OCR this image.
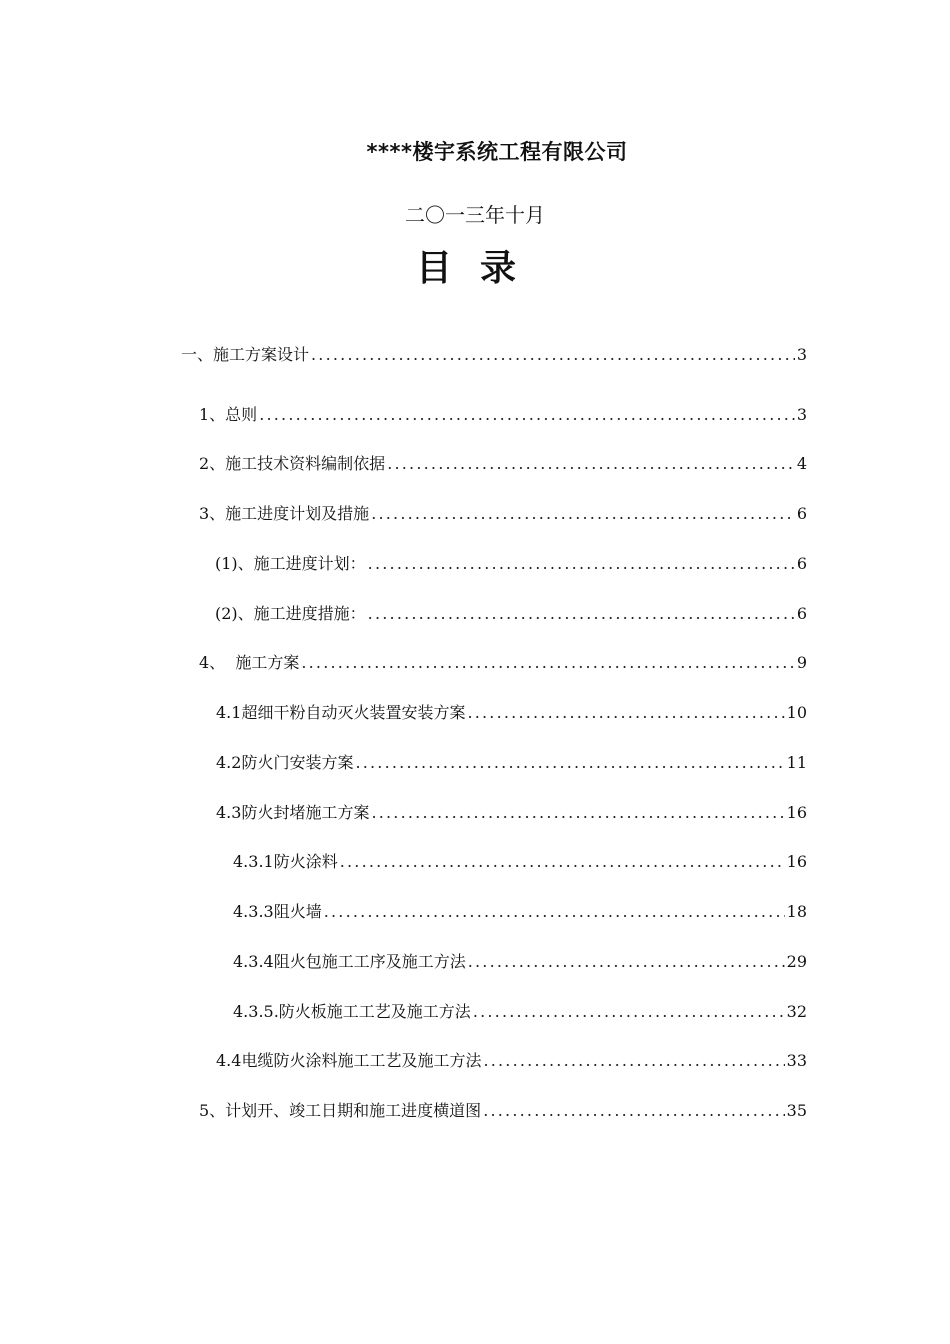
****楼宇系统工程有限公司
二〇一三年十月
目录
一、施工方案设计 .....	3
1、总则 .....	3
2、施工技术资料编制依据 .....	4
3、施工进度计划及措施 .....	6
(1)、施工进度计划： .....	6
(2)、施工进度措施： .....	6
4、  施工方案 .....	9
4.1超细干粉自动灭火装置安装方案 .....	10
4.2防火门安装方案 .....	11
4.3防火封堵施工方案 .....	16
4.3.1防火涂料 .....	16
4.3.3阻火墙 .....	18
4.3.4阻火包施工工序及施工方法 .....	29
4.3.5.防火板施工工艺及施工方法 .....	32
4.4电缆防火涂料施工工艺及施工方法 .....	33
5、计划开、竣工日期和施工进度横道图 .....	35
